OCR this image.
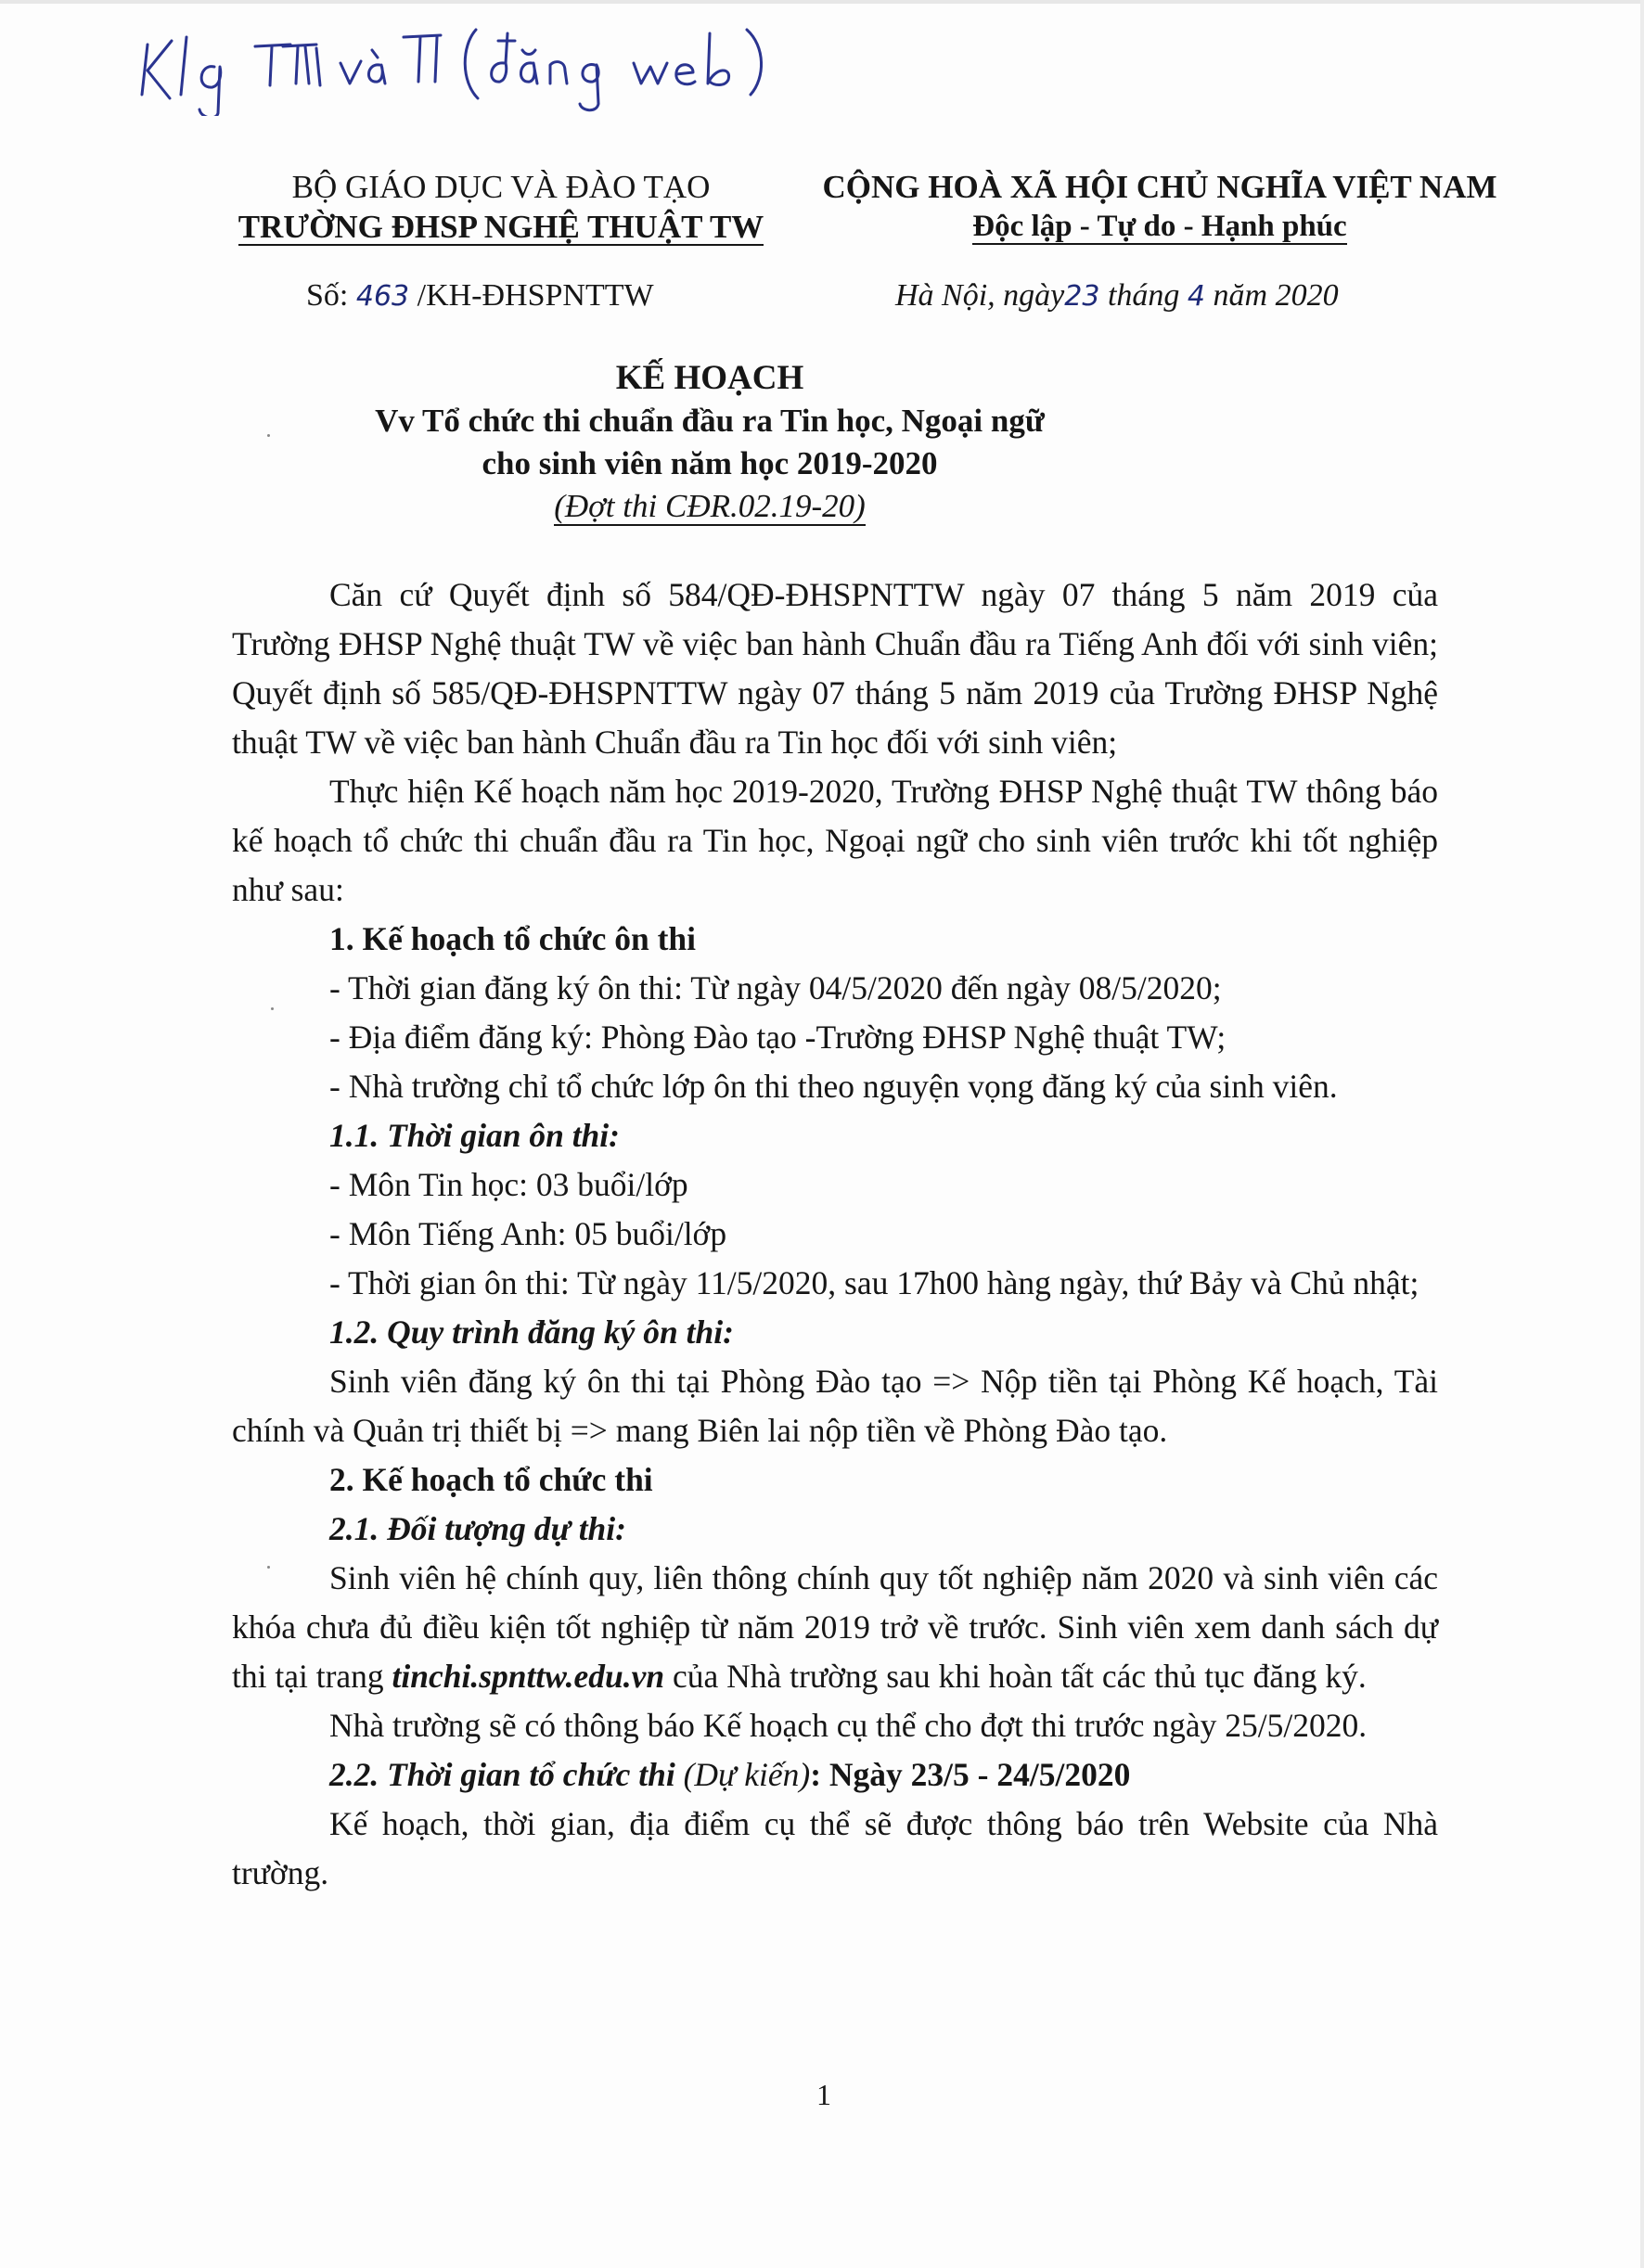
BỘ GIÁO DỤC VÀ ĐÀO TẠO
TRƯỜNG ĐHSP NGHỆ THUẬT TW
CỘNG HOÀ XÃ HỘI CHỦ NGHĨA VIỆT NAM
Độc lập - Tự do - Hạnh phúc
Số: 463 /KH-ĐHSPNTTW	Hà Nội, ngày23 tháng 4 năm 2020
KẾ HOẠCH
Vv Tổ chức thi chuẩn đầu ra Tin học, Ngoại ngữ
cho sinh viên năm học 2019-2020
(Đợt thi CĐR.02.19-20)

Căn cứ Quyết định số 584/QĐ-ĐHSPNTTW ngày 07 tháng 5 năm 2019 của Trường ĐHSP Nghệ thuật TW về việc ban hành Chuẩn đầu ra Tiếng Anh đối với sinh viên; Quyết định số 585/QĐ-ĐHSPNTTW ngày 07 tháng 5 năm 2019 của Trường ĐHSP Nghệ thuật TW về việc ban hành Chuẩn đầu ra Tin học đối với sinh viên;

Thực hiện Kế hoạch năm học 2019-2020, Trường ĐHSP Nghệ thuật TW thông báo kế hoạch tổ chức thi chuẩn đầu ra Tin học, Ngoại ngữ cho sinh viên trước khi tốt nghiệp như sau:

1. Kế hoạch tổ chức ôn thi

- Thời gian đăng ký ôn thi: Từ ngày 04/5/2020 đến ngày 08/5/2020;

- Địa điểm đăng ký: Phòng Đào tạo -Trường ĐHSP Nghệ thuật TW;

- Nhà trường chỉ tổ chức lớp ôn thi theo nguyện vọng đăng ký của sinh viên.

1.1. Thời gian ôn thi:

- Môn Tin học: 03 buổi/lớp

- Môn Tiếng Anh: 05 buổi/lớp

- Thời gian ôn thi: Từ ngày 11/5/2020, sau 17h00 hàng ngày, thứ Bảy và Chủ nhật;

1.2. Quy trình đăng ký ôn thi:

Sinh viên đăng ký ôn thi tại Phòng Đào tạo => Nộp tiền tại Phòng Kế hoạch, Tài chính và Quản trị thiết bị => mang Biên lai nộp tiền về Phòng Đào tạo.

2. Kế hoạch tổ chức thi

2.1. Đối tượng dự thi:

Sinh viên hệ chính quy, liên thông chính quy tốt nghiệp năm 2020 và sinh viên các khóa chưa đủ điều kiện tốt nghiệp từ năm 2019 trở về trước. Sinh viên xem danh sách dự thi tại trang tinchi.spnttw.edu.vn của Nhà trường sau khi hoàn tất các thủ tục đăng ký.

Nhà trường sẽ có thông báo Kế hoạch cụ thể cho đợt thi trước ngày 25/5/2020.

2.2. Thời gian tổ chức thi (Dự kiến): Ngày 23/5 - 24/5/2020

Kế hoạch, thời gian, địa điểm cụ thể sẽ được thông báo trên Website của Nhà trường.

1
